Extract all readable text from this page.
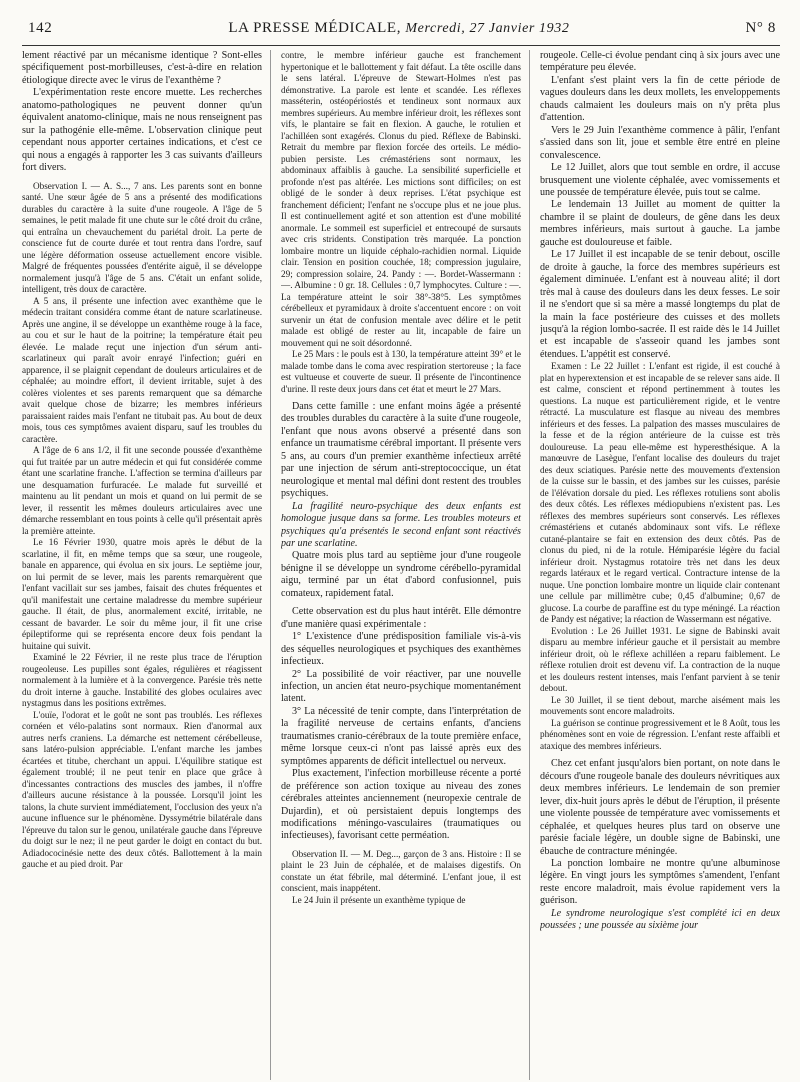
142	LA PRESSE MÉDICALE, Mercredi, 27 Janvier 1932	N° 8

lement réactivé par un mécanisme identique ? Sont-elles spécifiquement post-morbilleuses, c'est-à-dire en relation étiologique directe avec le virus de l'exanthème ?

L'expérimentation reste encore muette. Les recherches anatomo-pathologiques ne peuvent donner qu'un équivalent anatomo-clinique, mais ne nous renseignent pas sur la pathogénie elle-même. L'observation clinique peut cependant nous apporter certaines indications, et c'est ce qui nous a engagés à rapporter les 3 cas suivants d'ailleurs fort divers.

Observation I. — A. S..., 7 ans. Les parents sont en bonne santé. Une sœur âgée de 5 ans a présenté des modifications durables du caractère à la suite d'une rougeole. A l'âge de 5 semaines, le petit malade fit une chute sur le côté droit du crâne, qui entraîna un chevauchement du pariétal droit. La perte de conscience fut de courte durée et tout rentra dans l'ordre, sauf une légère déformation osseuse actuellement encore visible. Malgré de fréquentes poussées d'entérite aiguë, il se développe normalement jusqu'à l'âge de 5 ans. C'était un enfant solide, intelligent, très doux de caractère.

A 5 ans, il présente une infection avec exanthème que le médecin traitant considéra comme étant de nature scarlatineuse. Après une angine, il se développe un exanthème rouge à la face, au cou et sur le haut de la poitrine; la température était peu élevée. Le malade reçut une injection d'un sérum anti-scarlatineux qui paraît avoir enrayé l'infection; guéri en apparence, il se plaignit cependant de douleurs articulaires et de céphalée; au moindre effort, il devient irritable, sujet à des colères violentes et ses parents remarquent que sa démarche avait quelque chose de bizarre; les membres inférieurs paraissaient raides mais l'enfant ne titubait pas. Au bout de deux mois, tous ces symptômes avaient disparu, sauf les troubles du caractère.

A l'âge de 6 ans 1/2, il fit une seconde poussée d'exanthème qui fut traitée par un autre médecin et qui fut considérée comme étant une scarlatine franche. L'affection se termina d'ailleurs par une desquamation furfuracée. Le malade fut surveillé et maintenu au lit pendant un mois et quand on lui permit de se lever, il ressentit les mêmes douleurs articulaires avec une démarche ressemblant en tous points à celle qu'il présentait après la première atteinte.

Le 16 Février 1930, quatre mois après le début de la scarlatine, il fit, en même temps que sa sœur, une rougeole, banale en apparence, qui évolua en six jours. Le septième jour, on lui permit de se lever, mais les parents remarquèrent que l'enfant vacillait sur ses jambes, faisait des chutes fréquentes et qu'il manifestait une certaine maladresse du membre supérieur gauche. Il était, de plus, anormalement excité, irritable, ne cessant de bavarder. Le soir du même jour, il fit une crise épileptiforme qui se représenta encore deux fois pendant la huitaine qui suivit.

Examiné le 22 Février, il ne reste plus trace de l'éruption rougeoleuse. Les pupilles sont égales, régulières et réagissent normalement à la lumière et à la convergence. Parésie très nette du droit interne à gauche. Instabilité des globes oculaires avec nystagmus dans les positions extrêmes.

L'ouïe, l'odorat et le goût ne sont pas troublés. Les réflexes cornéen et vélo-palatins sont normaux. Rien d'anormal aux autres nerfs craniens. La démarche est nettement cérébelleuse, sans latéro-pulsion appréciable. L'enfant marche les jambes écartées et titube, cherchant un appui. L'équilibre statique est également troublé; il ne peut tenir en place que grâce à d'incessantes contractions des muscles des jambes, il n'offre d'ailleurs aucune résistance à la poussée. Lorsqu'il joint les talons, la chute survient immédiatement, l'occlusion des yeux n'a aucune influence sur le phénomène. Dyssymétrie bilatérale dans l'épreuve du talon sur le genou, unilatérale gauche dans l'épreuve du doigt sur le nez; il ne peut garder le doigt en contact du but. Adiadococinésie nette des deux côtés. Ballottement à la main gauche et au pied droit. Par

contre, le membre inférieur gauche est franchement hypertonique et le ballottement y fait défaut. La tête oscille dans le sens latéral. L'épreuve de Stewart-Holmes n'est pas démonstrative. La parole est lente et scandée. Les réflexes masséterin, ostéopériostés et tendineux sont normaux aux membres supérieurs. Au membre inférieur droit, les réflexes sont vifs, le plantaire se fait en flexion. A gauche, le rotulien et l'achilléen sont exagérés. Clonus du pied. Réflexe de Babinski. Retrait du membre par flexion forcée des orteils. Le médio-pubien persiste. Les crémastériens sont normaux, les abdominaux affaiblis à gauche. La sensibilité superficielle et profonde n'est pas altérée. Les mictions sont difficiles; on est obligé de le sonder à deux reprises. L'état psychique est franchement déficient; l'enfant ne s'occupe plus et ne joue plus. Il est continuellement agité et son attention est d'une mobilité anormale. Le sommeil est superficiel et entrecoupé de sursauts avec cris stridents. Constipation très marquée. La ponction lombaire montre un liquide céphalo-rachidien normal. Liquide clair. Tension en position couchée, 18; compression jugulaire, 29; compression solaire, 24. Pandy : —. Bordet-Wassermann : —. Albumine : 0 gr. 18. Cellules : 0,7 lymphocytes. Culture : —. La température atteint le soir 38°-38°5. Les symptômes cérébelleux et pyramidaux à droite s'accentuent encore : on voit survenir un état de confusion mentale avec délire et le petit malade est obligé de rester au lit, incapable de faire un mouvement qui ne soit désordonné.

Le 25 Mars : le pouls est à 130, la température atteint 39° et le malade tombe dans le coma avec respiration stertoreuse ; la face est vultueuse et couverte de sueur. Il présente de l'incontinence d'urine. Il reste deux jours dans cet état et meurt le 27 Mars.

Dans cette famille : une enfant moins âgée a présenté des troubles durables du caractère à la suite d'une rougeole, l'enfant que nous avons observé a présenté dans son enfance un traumatisme cérébral important. Il présente vers 5 ans, au cours d'un premier exanthème infectieux arrêté par une injection de sérum anti-streptococcique, un état neurologique et mental mal défini dont restent des troubles psychiques.

La fragilité neuro-psychique des deux enfants est homologue jusque dans sa forme. Les troubles moteurs et psychiques qu'a présentés le second enfant sont réactivés par une scarlatine.

Quatre mois plus tard au septième jour d'une rougeole bénigne il se développe un syndrome cérébello-pyramidal aigu, terminé par un état d'abord confusionnel, puis comateux, rapidement fatal.

Cette observation est du plus haut intérêt. Elle démontre d'une manière quasi expérimentale :

1° L'existence d'une prédisposition familiale vis-à-vis des séquelles neurologiques et psychiques des exanthèmes infectieux.

2° La possibilité de voir réactiver, par une nouvelle infection, un ancien état neuro-psychique momentanément latent.

3° La nécessité de tenir compte, dans l'interprétation de la fragilité nerveuse de certains enfants, d'anciens traumatismes cranio-cérébraux de la toute première enface, même lorsque ceux-ci n'ont pas laissé après eux des symptômes apparents de déficit intellectuel ou nerveux.

Plus exactement, l'infection morbilleuse récente a porté de préférence son action toxique au niveau des zones cérébrales atteintes anciennement (neuropexie centrale de Dujardin), et où persistaient depuis longtemps des modifications méningo-vasculaires (traumatiques ou infectieuses), favorisant cette perméation.

Observation II. — M. Deg..., garçon de 3 ans. Histoire : Il se plaint le 23 Juin de céphalée, et de malaises digestifs. On constate un état fébrile, mal déterminé. L'enfant joue, il est conscient, mais inappétent.

Le 24 Juin il présente un exanthème typique de

rougeole. Celle-ci évolue pendant cinq à six jours avec une température peu élevée.

L'enfant s'est plaint vers la fin de cette période de vagues douleurs dans les deux mollets, les enveloppements chauds calmaient les douleurs mais on n'y prêta plus d'attention.

Vers le 29 Juin l'exanthème commence à pâlir, l'enfant s'assied dans son lit, joue et semble être entré en pleine convalescence.

Le 12 Juillet, alors que tout semble en ordre, il accuse brusquement une violente céphalée, avec vomissements et une poussée de température élevée, puis tout se calme.

Le lendemain 13 Juillet au moment de quitter la chambre il se plaint de douleurs, de gêne dans les deux membres inférieurs, mais surtout à gauche. La jambe gauche est douloureuse et faible.

Le 17 Juillet il est incapable de se tenir debout, oscille de droite à gauche, la force des membres supérieurs est également diminuée. L'enfant est à nouveau alité; il dort très mal à cause des douleurs dans les deux fesses. Le soir il ne s'endort que si sa mère a massé longtemps du plat de la main la face postérieure des cuisses et des mollets jusqu'à la région lombo-sacrée. Il est raide dès le 14 Juillet et est incapable de s'asseoir quand les jambes sont étendues. L'appétit est conservé.

Examen : Le 22 Juillet : L'enfant est rigide, il est couché à plat en hyperextension et est incapable de se relever sans aide. Il est calme, conscient et répond pertinemment à toutes les questions. La nuque est particulièrement rigide, et le ventre rétracté. La musculature est flasque au niveau des membres inférieurs et des fesses. La palpation des masses musculaires de la fesse et de la région antérieure de la cuisse est très douloureuse. La peau elle-même est hyperesthésique. A la manœuvre de Lasègue, l'enfant localise des douleurs du trajet des deux sciatiques. Parésie nette des mouvements d'extension de la cuisse sur le bassin, et des jambes sur les cuisses, parésie de l'élévation dorsale du pied. Les réflexes rotuliens sont abolis des deux côtés. Les réflexes médiopubiens n'existent pas. Les réflexes des membres supérieurs sont conservés. Les réflexes crémastériens et cutanés abdominaux sont vifs. Le réflexe cutané-plantaire se fait en extension des deux côtés. Pas de clonus du pied, ni de la rotule. Hémiparésie légère du facial inférieur droit. Nystagmus rotatoire très net dans les deux regards latéraux et le regard vertical. Contracture intense de la nuque. Une ponction lombaire montre un liquide clair contenant une cellule par millimètre cube; 0,45 d'albumine; 0,67 de glucose. La courbe de paraffine est du type méningé. La réaction de Pandy est négative; la réaction de Wassermann est négative.

Evolution : Le 26 Juillet 1931. Le signe de Babinski avait disparu au membre inférieur gauche et il persistait au membre inférieur droit, où le réflexe achilléen a reparu faiblement. Le réflexe rotulien droit est devenu vif. La contraction de la nuque et les douleurs restent intenses, mais l'enfant parvient à se tenir debout.

Le 30 Juillet, il se tient debout, marche aisément mais les mouvements sont encore maladroits.

La guérison se continue progressivement et le 8 Août, tous les phénomènes sont en voie de régression. L'enfant reste affaibli et ataxique des membres inférieurs.

Chez cet enfant jusqu'alors bien portant, on note dans le décours d'une rougeole banale des douleurs névritiques aux deux membres inférieurs. Le lendemain de son premier lever, dix-huit jours après le début de l'éruption, il présente une violente poussée de température avec vomissements et céphalée, et quelques heures plus tard on observe une parésie faciale légère, un double signe de Babinski, une ébauche de contracture méningée.

La ponction lombaire ne montre qu'une albuminose légère. En vingt jours les symptômes s'amendent, l'enfant reste encore maladroit, mais évolue rapidement vers la guérison.

Le syndrome neurologique s'est complété ici en deux poussées ; une poussée au sixième jour
